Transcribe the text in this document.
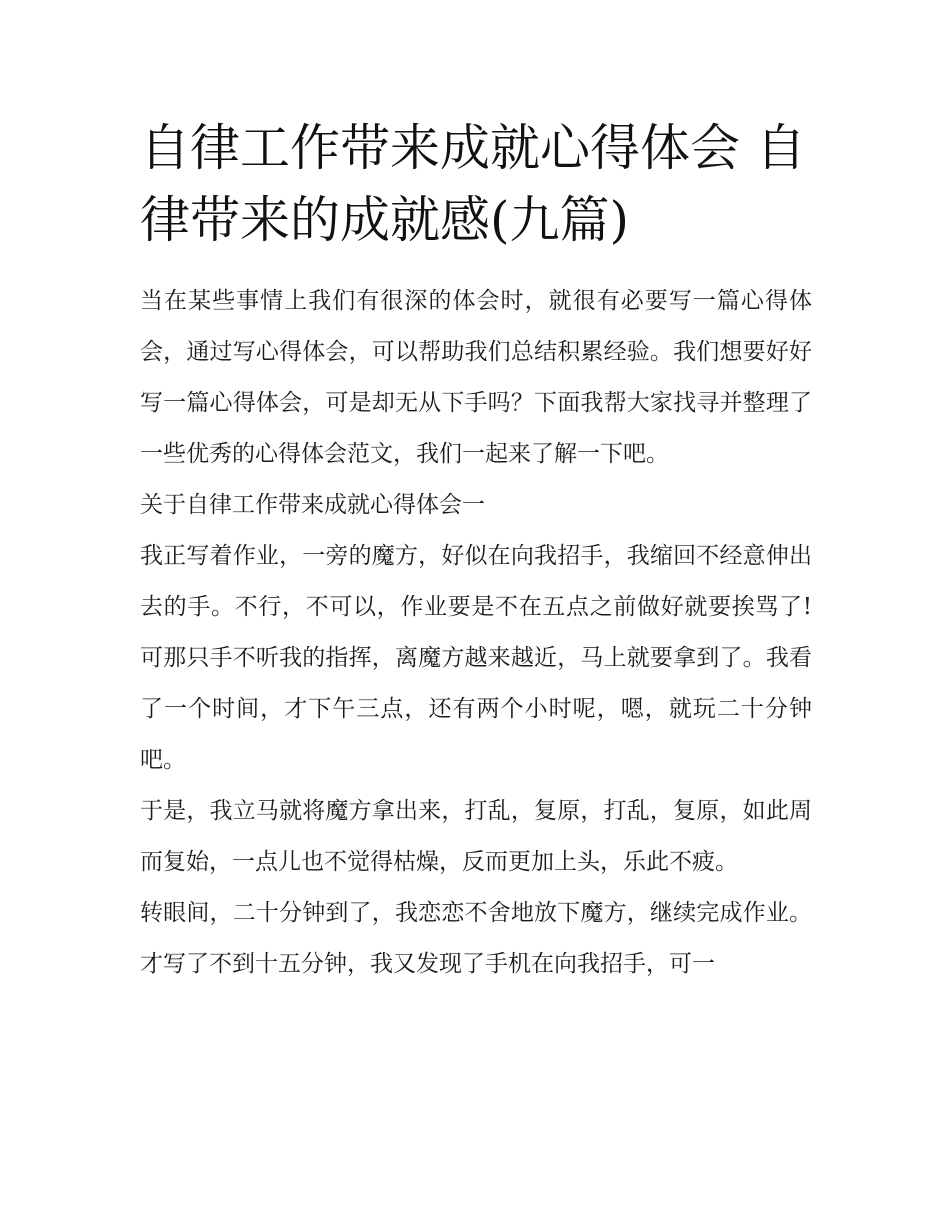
自律工作带来成就心得体会 自律带来的成就感(九篇)

当在某些事情上我们有很深的体会时，就很有必要写一篇心得体会，通过写心得体会，可以帮助我们总结积累经验。我们想要好好写一篇心得体会，可是却无从下手吗？下面我帮大家找寻并整理了一些优秀的心得体会范文，我们一起来了解一下吧。

关于自律工作带来成就心得体会一

我正写着作业，一旁的魔方，好似在向我招手，我缩回不经意伸出去的手。不行，不可以，作业要是不在五点之前做好就要挨骂了!可那只手不听我的指挥，离魔方越来越近，马上就要拿到了。我看了一个时间，才下午三点，还有两个小时呢，嗯，就玩二十分钟吧。

于是，我立马就将魔方拿出来，打乱，复原，打乱，复原，如此周而复始，一点儿也不觉得枯燥，反而更加上头，乐此不疲。

转眼间，二十分钟到了，我恋恋不舍地放下魔方，继续完成作业。才写了不到十五分钟，我又发现了手机在向我招手，可一
